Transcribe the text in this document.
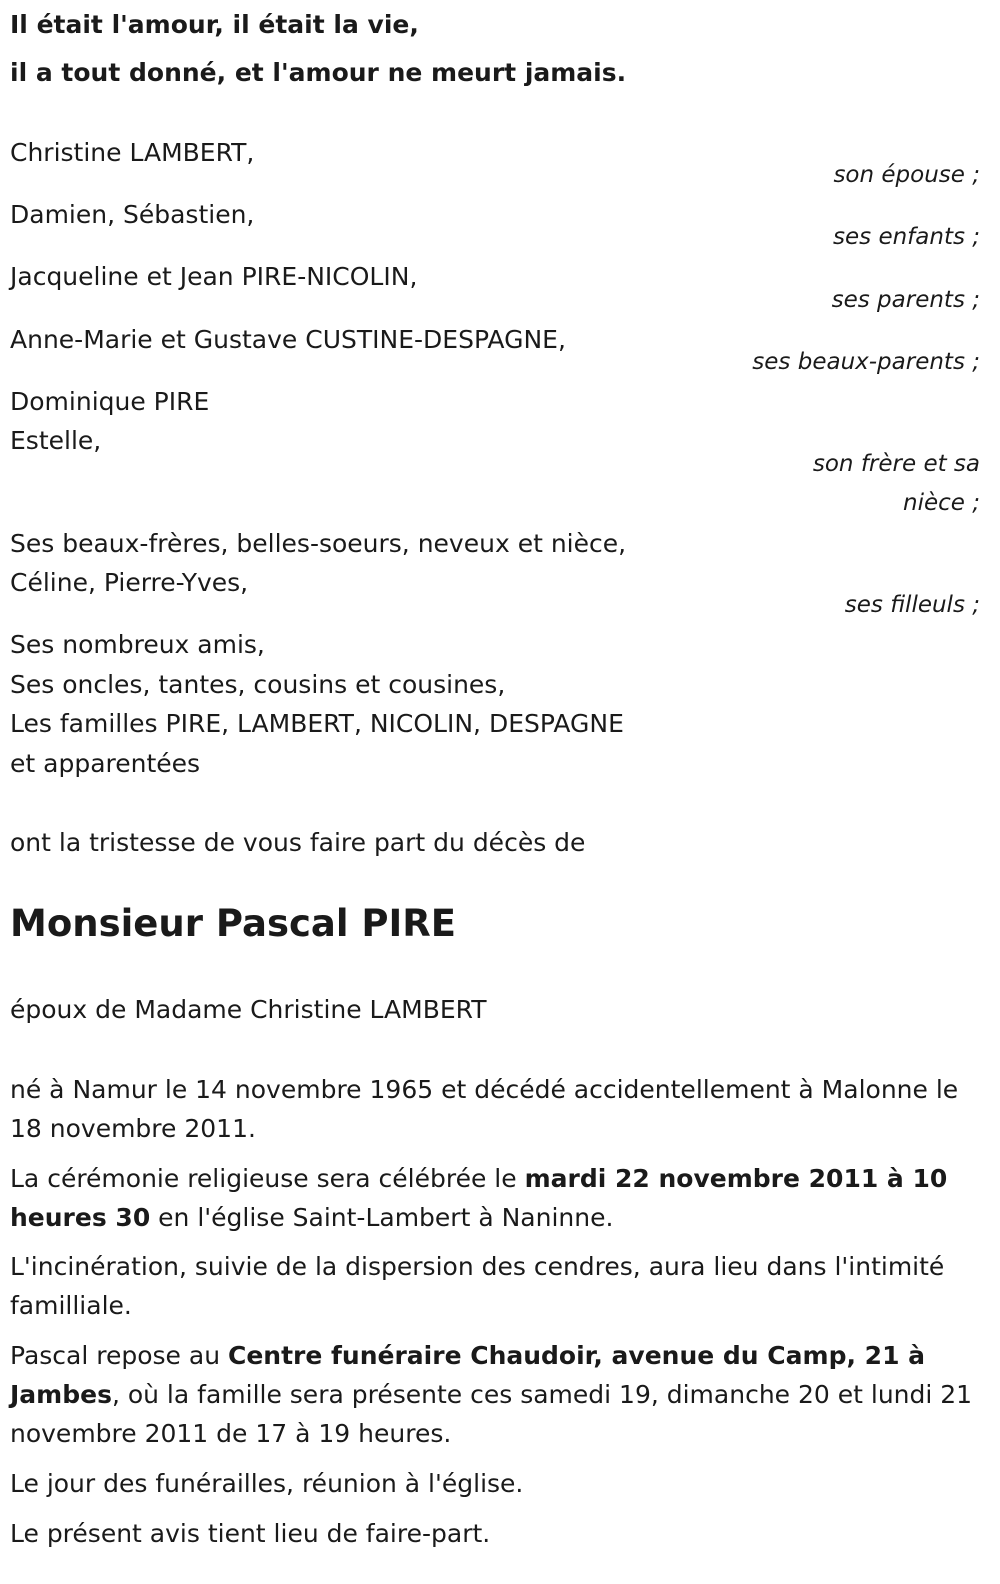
Il était l'amour, il était la vie,
il a tout donné, et l'amour ne meurt jamais.
Christine LAMBERT,
son épouse ;
Damien, Sébastien,
ses enfants ;
Jacqueline et Jean PIRE-NICOLIN,
ses parents ;
Anne-Marie et Gustave CUSTINE-DESPAGNE,
ses beaux-parents ;
Dominique PIRE
Estelle,
son frère et sa
nièce ;
Ses beaux-frères, belles-soeurs, neveux et nièce,
Céline, Pierre-Yves,
ses filleuls ;
Ses nombreux amis,
Ses oncles, tantes, cousins et cousines,
Les familles PIRE, LAMBERT, NICOLIN, DESPAGNE
et apparentées
ont la tristesse de vous faire part du décès de
Monsieur Pascal PIRE
époux de Madame Christine LAMBERT
né à Namur le 14 novembre 1965 et décédé accidentellement à Malonne le 18 novembre 2011.
La cérémonie religieuse sera célébrée le mardi 22 novembre 2011 à 10 heures 30 en l'église Saint-Lambert à Naninne.
L'incinération, suivie de la dispersion des cendres, aura lieu dans l'intimité familliale.
Pascal repose au Centre funéraire Chaudoir, avenue du Camp, 21 à Jambes, où la famille sera présente ces samedi 19, dimanche 20 et lundi 21 novembre 2011 de 17 à 19 heures.
Le jour des funérailles, réunion à l'église.
Le présent avis tient lieu de faire-part.
